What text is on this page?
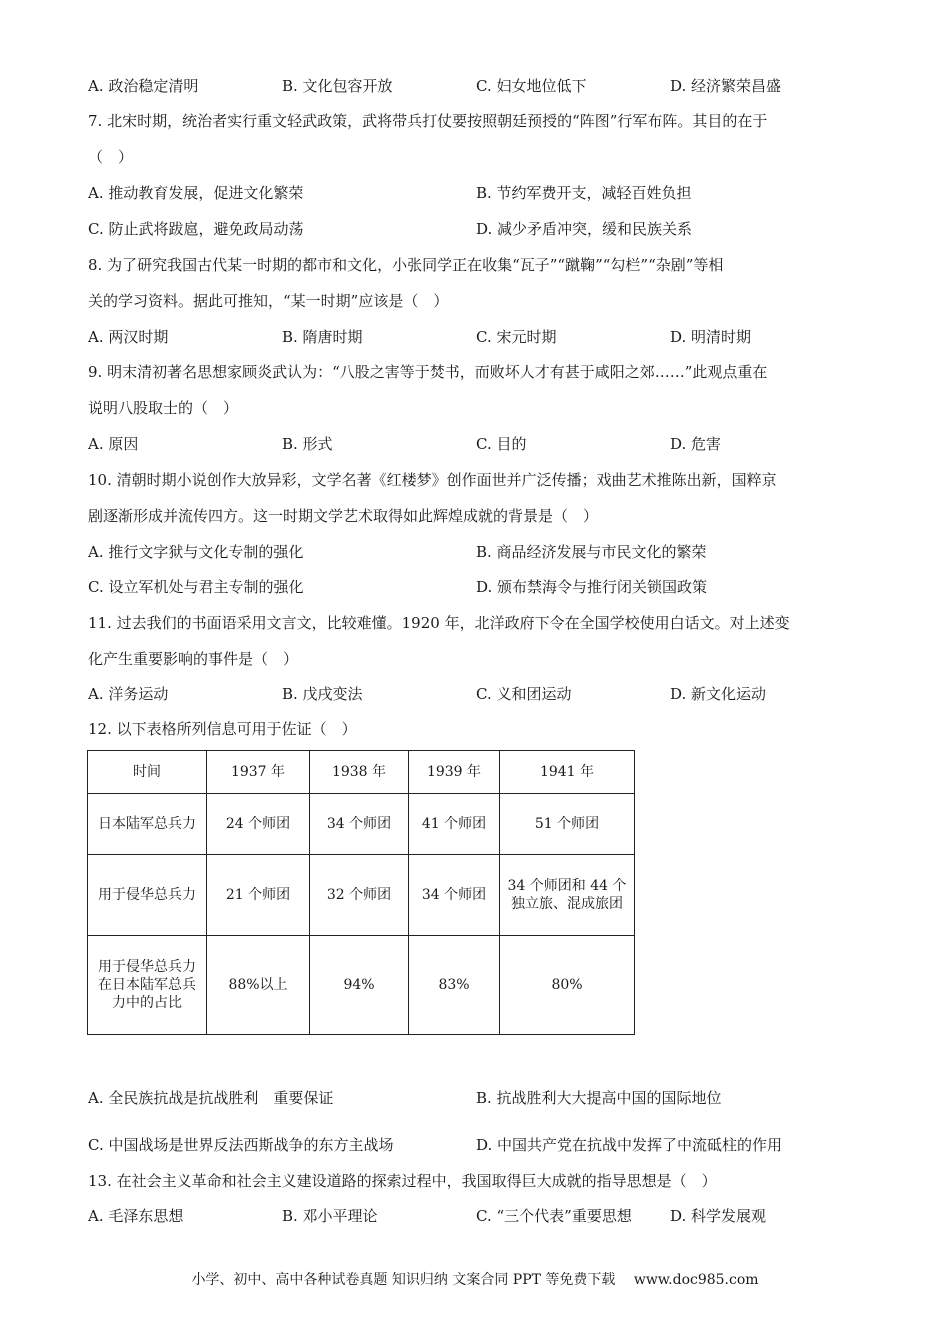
A. 政治稳定清明	B. 文化包容开放	C. 妇女地位低下	D. 经济繁荣昌盛
7. 北宋时期，统治者实行重文轻武政策，武将带兵打仗要按照朝廷预授的“阵图”行军布阵。其目的在于
（　）
A. 推动教育发展，促进文化繁荣	B. 节约军费开支，减轻百姓负担
C. 防止武将跋扈，避免政局动荡	D. 减少矛盾冲突，缓和民族关系
8. 为了研究我国古代某一时期的都市和文化，小张同学正在收集“瓦子”“蹴鞠”“勾栏”“杂剧”等相
关的学习资料。据此可推知，“某一时期”应该是（　）
A. 两汉时期	B. 隋唐时期	C. 宋元时期	D. 明清时期
9. 明末清初著名思想家顾炎武认为：“八股之害等于焚书，而败坏人才有甚于咸阳之郊……”此观点重在
说明八股取士的（　）
A. 原因	B. 形式	C. 目的	D. 危害
10. 清朝时期小说创作大放异彩，文学名著《红楼梦》创作面世并广泛传播；戏曲艺术推陈出新，国粹京
剧逐渐形成并流传四方。这一时期文学艺术取得如此辉煌成就的背景是（　）
A. 推行文字狱与文化专制的强化	B. 商品经济发展与市民文化的繁荣
C. 设立军机处与君主专制的强化	D. 颁布禁海令与推行闭关锁国政策
11. 过去我们的书面语采用文言文，比较难懂。1920 年，北洋政府下令在全国学校使用白话文。对上述变
化产生重要影响的事件是（　）
A. 洋务运动	B. 戊戌变法	C. 义和团运动	D. 新文化运动
12. 以下表格所列信息可用于佐证（　）
时间	1937 年	1938 年	1939 年	1941 年
日本陆军总兵力	24 个师团	34 个师团	41 个师团	51 个师团
用于侵华总兵力	21 个师团	32 个师团	34 个师团	34 个师团和 44 个独立旅、混成旅团
用于侵华总兵力在日本陆军总兵力中的占比	88%以上	94%	83%	80%
A. 全民族抗战是抗战胜利　重要保证	B. 抗战胜利大大提高中国的国际地位
C. 中国战场是世界反法西斯战争的东方主战场	D. 中国共产党在抗战中发挥了中流砥柱的作用
13. 在社会主义革命和社会主义建设道路的探索过程中，我国取得巨大成就的指导思想是（　）
A. 毛泽东思想	B. 邓小平理论	C. “三个代表”重要思想	D. 科学发展观
小学、初中、高中各种试卷真题 知识归纳 文案合同 PPT 等免费下载　 www.doc985.com
